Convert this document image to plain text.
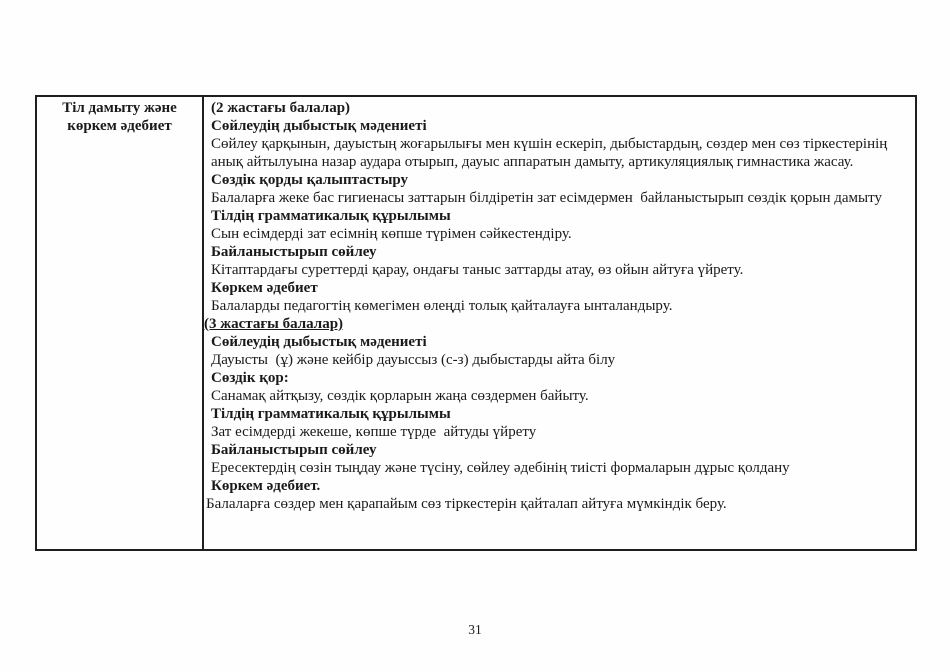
Тіл дамыту және
көркем әдебиет
(2 жастағы балалар)
Сөйлеудің дыбыстық мәдениеті
Сөйлеу қарқынын, дауыстың жоғарылығы мен күшін ескеріп, дыбыстардың, сөздер мен сөз тіркестерінің анық айтылуына назар аудара отырып, дауыс аппаратын дамыту, артикуляциялық гимнастика жасау.
Сөздік қорды қалыптастыру
Балаларға жеке бас гигиенасы заттарын білдіретін зат есімдермен  байланыстырып сөздік қорын дамыту
Тілдің грамматикалық құрылымы
Сын есімдерді зат есімнің көпше түрімен сәйкестендіру.
Байланыстырып сөйлеу
Кітаптардағы суреттерді қарау, ондағы таныс заттарды атау, өз ойын айтуға үйрету.
Көркем әдебиет
Балаларды педагогтің көмегімен өлеңді толық қайталауға ынталандыру.
(3 жастағы балалар)
Сөйлеудің дыбыстық мәдениеті
Дауысты  (ұ) және кейбір дауыссыз (с-з) дыбыстарды айта білу
Сөздік қор:
Санамақ айтқызу, сөздік қорларын жаңа сөздермен байыту.
Тілдің грамматикалық құрылымы
Зат есімдерді жекеше, көпше түрде  айтуды үйрету
Байланыстырып сөйлеу
Ересектердің сөзін тыңдау және түсіну, сөйлеу әдебінің тиісті формаларын дұрыс қолдану
Көркем әдебиет.
Балаларға сөздер мен қарапайым сөз тіркестерін қайталап айтуға мүмкіндік беру.
31
